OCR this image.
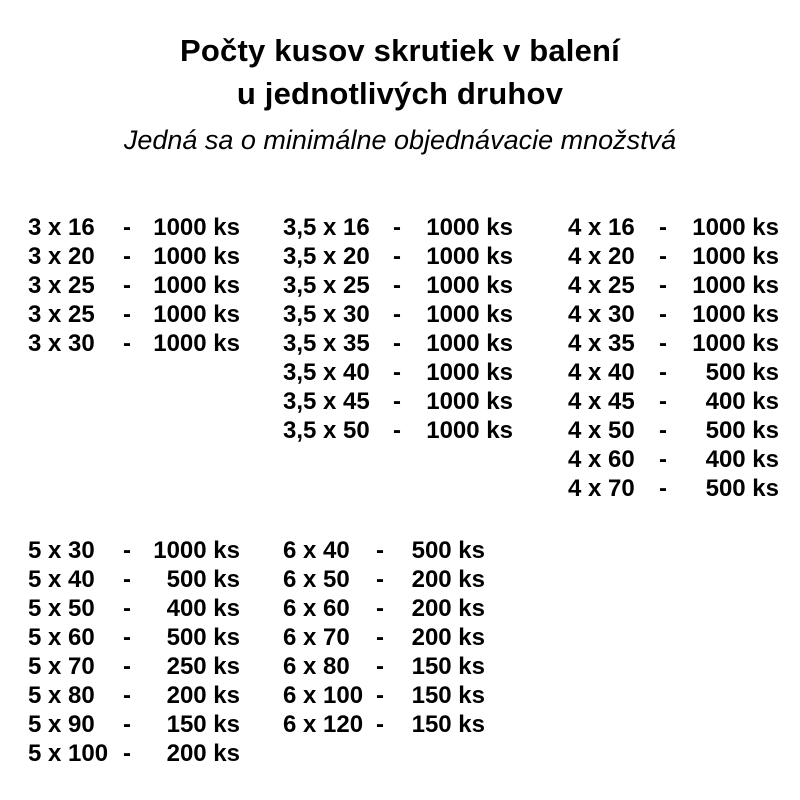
Počty kusov skrutiek v balení
u jednotlivých druhov
Jedná sa o minimálne objednávacie množstvá
3 x 16	- 1000 ks
3 x 20	- 1000 ks
3 x 25	- 1000 ks
3 x 25	- 1000 ks
3 x 30	- 1000 ks
3,5 x 16 -	1000 ks
3,5 x 20 -	1000 ks
3,5 x 25 -	1000 ks
3,5 x 30 -	1000 ks
3,5 x 35 -	1000 ks
3,5 x 40 -	1000 ks
3,5 x 45 -	1000 ks
3,5 x 50 -	1000 ks
4 x 16	-	1000 ks
4 x 20	-	1000 ks
4 x 25	-	1000 ks
4 x 30	-	1000 ks
4 x 35	-	1000 ks
4 x 40	-	500 ks
4 x 45	-	400 ks
4 x 50	-	500 ks
4 x 60	-	400 ks
4 x 70	-	500 ks
5 x 30	- 1000 ks
5 x 40	-	500 ks
5 x 50	-	400 ks
5 x 60	-	500 ks
5 x 70	-	250 ks
5 x 80	-	200 ks
5 x 90	-	150 ks
5 x 100 -	200 ks
6 x 40	-	500 ks
6 x 50	-	200 ks
6 x 60	-	200 ks
6 x 70	-	200 ks
6 x 80	-	150 ks
6 x 100 -	150 ks
6 x 120 -	150 ks
